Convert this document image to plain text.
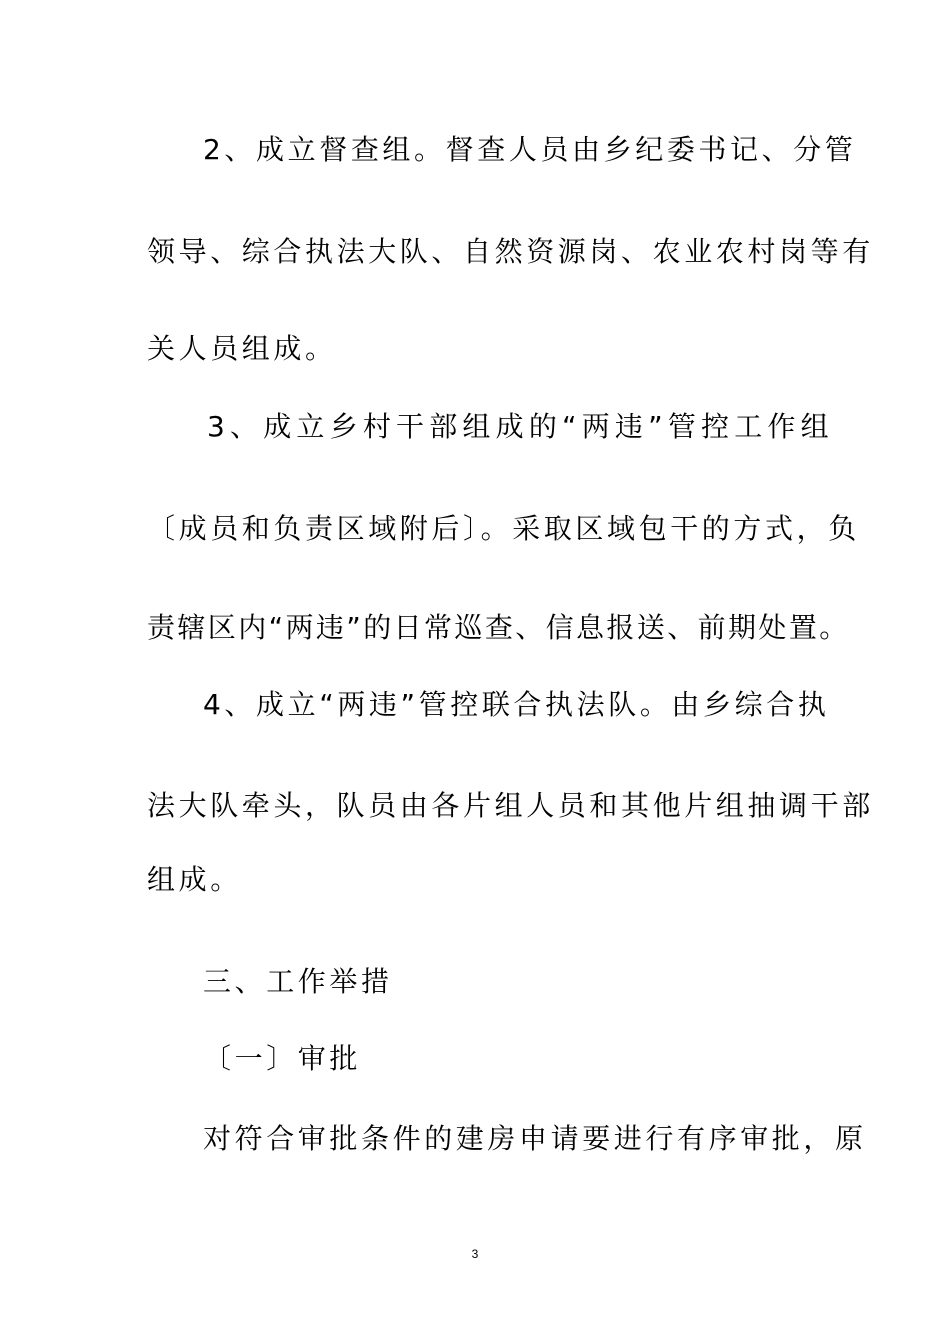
2、成立督查组。督查人员由乡纪委书记、分管
领导、综合执法大队、自然资源岗、农业农村岗等有
关人员组成。
3、成立乡村干部组成的“两违”管控工作组
〔成员和负责区域附后〕。采取区域包干的方式，负
责辖区内“两违”的日常巡查、信息报送、前期处置。
4、成立“两违”管控联合执法队。由乡综合执
法大队牵头，队员由各片组人员和其他片组抽调干部
组成。
三、工作举措
〔一〕审批
对符合审批条件的建房申请要进行有序审批，原
3
